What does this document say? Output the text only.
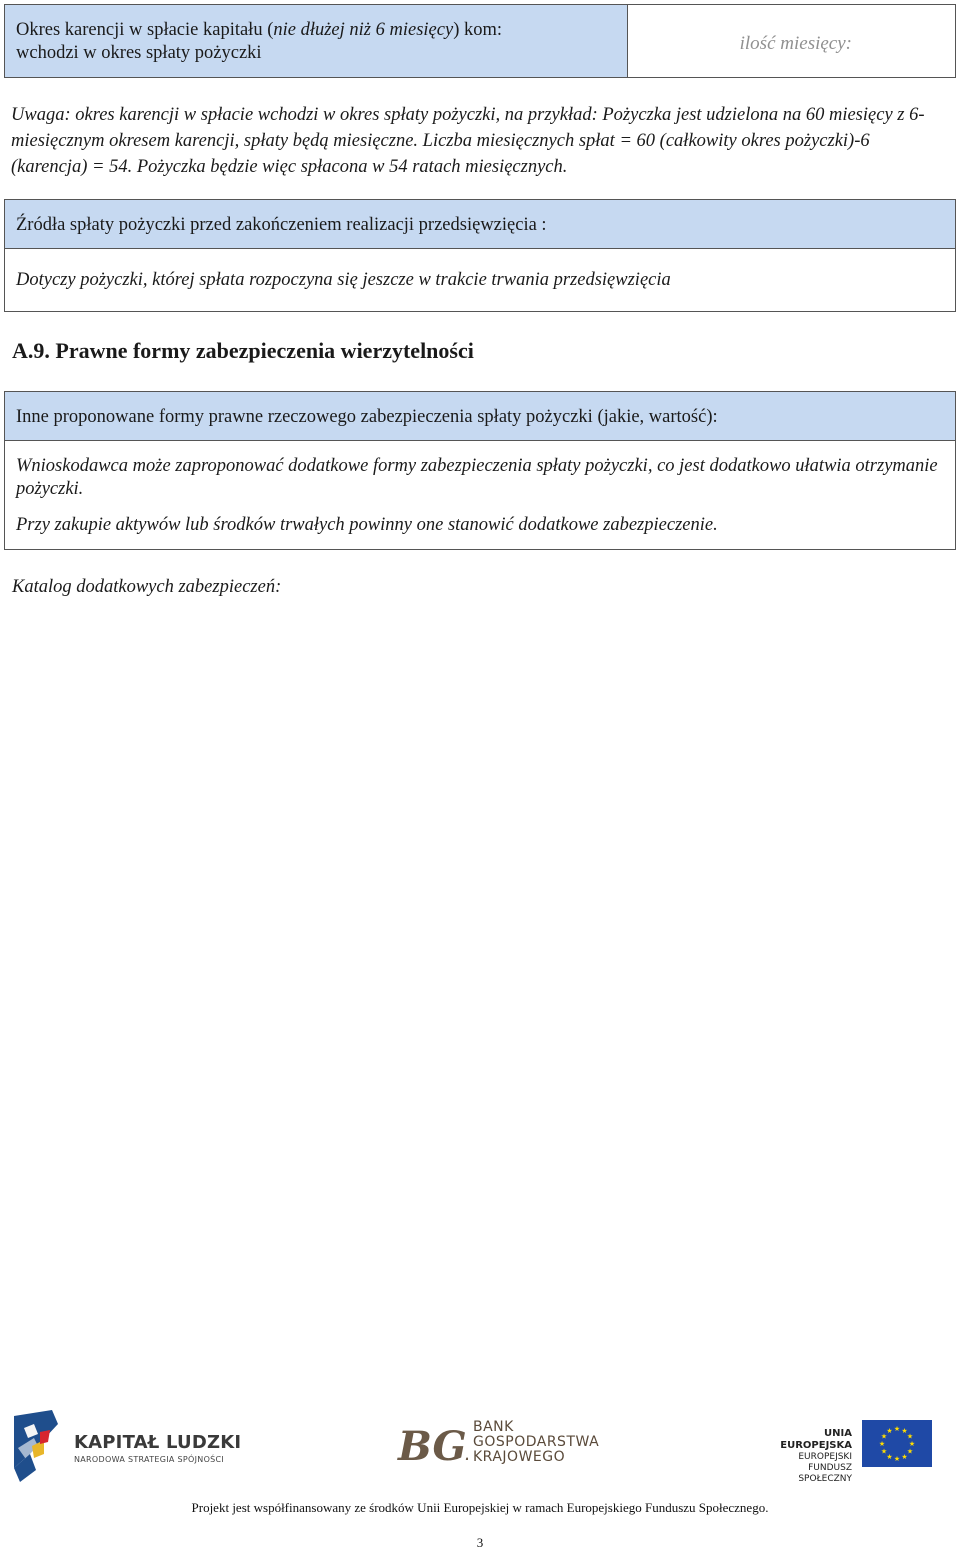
Okres karencji w spłacie kapitału (nie dłużej niż 6 miesięcy) kom:
wchodzi w okres spłaty pożyczki	ilość miesięcy:
Uwaga: okres karencji w spłacie wchodzi w okres spłaty pożyczki, na przykład: Pożyczka jest udzielona na 60 miesięcy z 6-miesięcznym okresem karencji, spłaty będą miesięczne. Liczba miesięcznych spłat = 60 (całkowity okres pożyczki)-6 (karencja) = 54. Pożyczka będzie więc spłacona w 54 ratach miesięcznych.

Źródła spłaty pożyczki przed zakończeniem realizacji przedsięwzięcia :

Dotyczy pożyczki, której spłata rozpoczyna się jeszcze w trakcie trwania przedsięwzięcia

A.9. Prawne formy zabezpieczenia wierzytelności

Inne proponowane formy prawne rzeczowego zabezpieczenia spłaty pożyczki (jakie, wartość):

Wnioskodawca może zaproponować dodatkowe formy zabezpieczenia spłaty pożyczki, co jest dodatkowo ułatwia otrzymanie pożyczki.

Przy zakupie aktywów lub środków trwałych powinny one stanowić dodatkowe zabezpieczenie.

Katalog dodatkowych zabezpieczeń:
KAPITAŁ LUDZKI
NARODOWA STRATEGIA SPÓJNOŚCI	BG BANK
GOSPODARSTWA
KRAJOWEGO
UNIA EUROPEJSKA
EUROPEJSKI
FUNDUSZ SPOŁECZNY
★ ★
★
★
★
★
★
★
★
★
★
★
Projekt jest współfinansowany ze środków Unii Europejskiej w ramach Europejskiego Funduszu Społecznego.
3
